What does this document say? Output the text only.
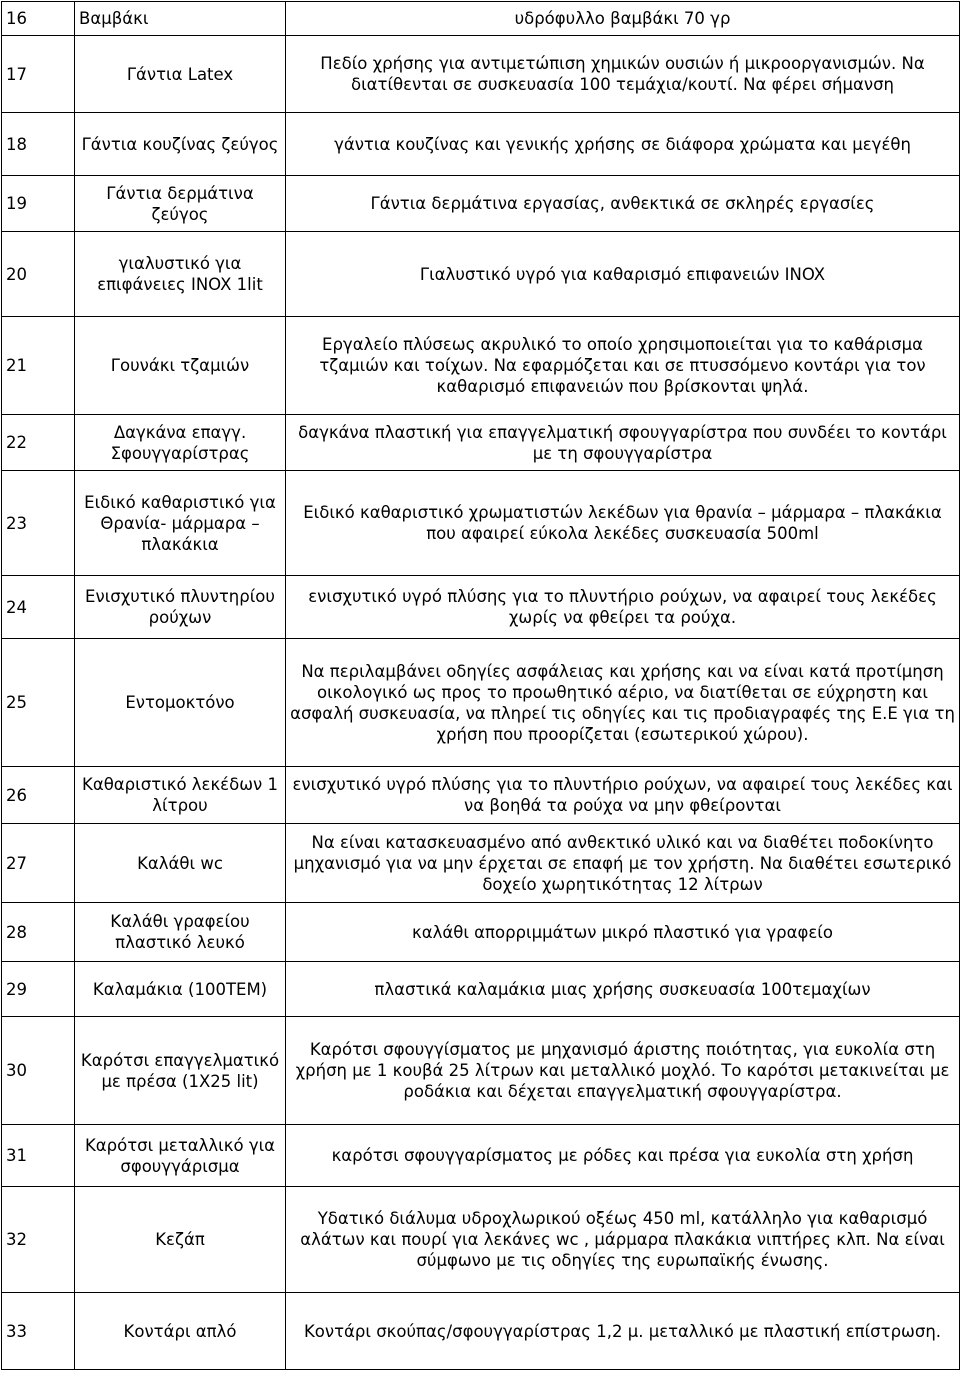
16	Βαμβάκι	υδρόφυλλο βαμβάκι 70 γρ
17	Γάντια Latex	Πεδίο χρήσης για αντιμετώπιση χημικών ουσιών ή μικροοργανισμών. Να διατίθενται σε συσκευασία 100 τεμάχια/κουτί. Να φέρει σήμανση
18	Γάντια κουζίνας ζεύγος	γάντια κουζίνας και γενικής χρήσης σε διάφορα χρώματα και μεγέθη
19	Γάντια δερμάτινα ζεύγος	Γάντια δερμάτινα εργασίας, ανθεκτικά σε σκληρές εργασίες
20	γιαλυστικό για επιφάνειες INOX 1lit	Γιαλυστικό υγρό για καθαρισμό επιφανειών INOX
21	Γουνάκι τζαμιών	Εργαλείο πλύσεως ακρυλικό το οποίο χρησιμοποιείται για το καθάρισμα τζαμιών και τοίχων. Να εφαρμόζεται και σε πτυσσόμενο κοντάρι για τον καθαρισμό επιφανειών που βρίσκονται ψηλά.
22	Δαγκάνα επαγγ. Σφουγγαρίστρας	δαγκάνα πλαστική για επαγγελματική σφουγγαρίστρα που συνδέει το κοντάρι με τη σφουγγαρίστρα
23	Ειδικό καθαριστικό για Θρανία- μάρμαρα – πλακάκια	Ειδικό καθαριστικό χρωματιστών λεκέδων για θρανία – μάρμαρα – πλακάκια που αφαιρεί εύκολα λεκέδες συσκευασία 500ml
24	Ενισχυτικό πλυντηρίου ρούχων	ενισχυτικό υγρό πλύσης για το πλυντήριο ρούχων, να αφαιρεί τους λεκέδες χωρίς να φθείρει τα ρούχα.
25	Εντομοκτόνο	Να περιλαμβάνει οδηγίες ασφάλειας και χρήσης και να είναι κατά προτίμηση οικολογικό ως προς το προωθητικό αέριο, να διατίθεται σε εύχρηστη και ασφαλή συσκευασία, να πληρεί τις οδηγίες και τις προδιαγραφές της Ε.Ε για τη χρήση που προορίζεται (εσωτερικού χώρου).
26	Καθαριστικό λεκέδων 1 λίτρου	ενισχυτικό υγρό πλύσης για το πλυντήριο ρούχων, να αφαιρεί τους λεκέδες και να βοηθά τα ρούχα να μην φθείρονται
27	Καλάθι wc	Να είναι κατασκευασμένο από ανθεκτικό υλικό και να διαθέτει ποδοκίνητο μηχανισμό για να μην έρχεται σε επαφή με τον χρήστη. Να διαθέτει εσωτερικό δοχείο χωρητικότητας 12 λίτρων
28	Καλάθι γραφείου πλαστικό λευκό	καλάθι απορριμμάτων μικρό πλαστικό για γραφείο
29	Καλαμάκια (100ΤΕΜ)	πλαστικά καλαμάκια μιας χρήσης συσκευασία 100τεμαχίων
30	Καρότσι επαγγελματικό με πρέσα (1Χ25 lit)	Καρότσι σφουγγίσματος με μηχανισμό άριστης ποιότητας, για ευκολία στη χρήση με 1 κουβά 25 λίτρων και μεταλλικό μοχλό. Το καρότσι μετακινείται με ροδάκια και δέχεται επαγγελματική σφουγγαρίστρα.
31	Καρότσι μεταλλικό για σφουγγάρισμα	καρότσι σφουγγαρίσματος με ρόδες και πρέσα για ευκολία στη χρήση
32	Κεζάπ	Υδατικό διάλυμα υδροχλωρικού οξέως 450 ml, κατάλληλο για καθαρισμό αλάτων και πουρί για λεκάνες wc , μάρμαρα πλακάκια νιπτήρες κλπ. Να είναι σύμφωνο με τις οδηγίες της ευρωπαϊκής ένωσης.
33	Κοντάρι απλό	Κοντάρι σκούπας/σφουγγαρίστρας 1,2 μ. μεταλλικό με πλαστική επίστρωση.
